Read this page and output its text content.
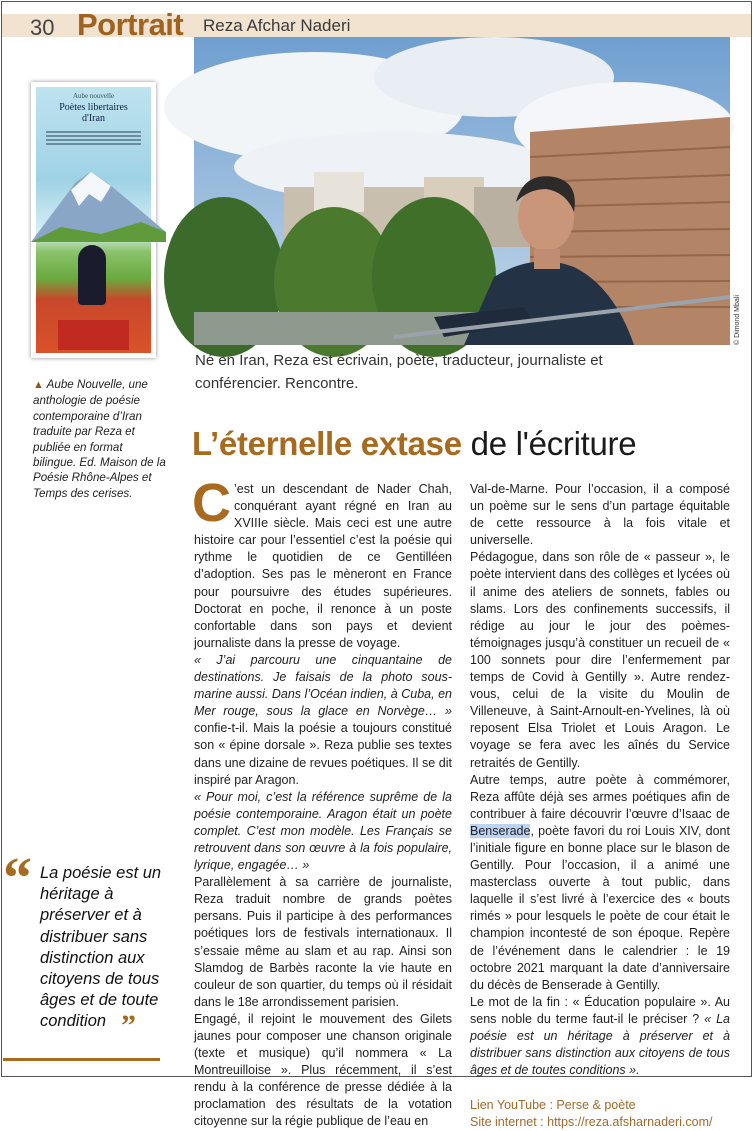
30 Portrait Reza Afchar Naderi
Aube nouvelle
Poètes libertaires
d'Iran
▲ Aube Nouvelle, une anthologie de poésie contemporaine d’Iran traduite par Reza et publiée en format bilingue. Ed. Maison de la Poésie Rhône-Alpes et Temps des cerises.
© Dimond Mbali
Né en Iran, Reza est écrivain, poète, traducteur, journaliste et conférencier. Rencontre.
L’éternelle extase de l'écriture

C ’est un descendant de Nader Chah, conquérant ayant régné en Iran au XVIIIe siècle. Mais ceci est une autre histoire car pour l’essentiel c’est la poésie qui rythme le quotidien de ce Gentilléen d’adoption. Ses pas le mèneront en France pour poursuivre des études supérieures. Doctorat en poche, il renonce à un poste confortable dans son pays et devient journaliste dans la presse de voyage.

« J’ai parcouru une cinquantaine de destinations. Je faisais de la photo sous-marine aussi. Dans l’Océan indien, à Cuba, en Mer rouge, sous la glace en Norvège… » confie-t-il. Mais la poésie a toujours constitué son « épine dorsale ». Reza publie ses textes dans une dizaine de revues poétiques. Il se dit inspiré par Aragon.

« Pour moi, c’est la référence suprême de la poésie contemporaine. Aragon était un poète complet. C’est mon modèle. Les Français se retrouvent dans son œuvre à la fois populaire, lyrique, engagée… »

Parallèlement à sa carrière de journaliste, Reza traduit nombre de grands poètes persans. Puis il participe à des performances poétiques lors de festivals internationaux. Il s’essaie même au slam et au rap. Ainsi son Slamdog de Barbès raconte la vie haute en couleur de son quartier, du temps où il résidait dans le 18e arrondissement parisien.

Engagé, il rejoint le mouvement des Gilets jaunes pour composer une chanson originale (texte et musique) qu’il nommera « La Montreuilloise ». Plus récemment, il s’est rendu à la conférence de presse dédiée à la proclamation des résultats de la votation citoyenne sur la régie publique de l’eau en

Val-de-Marne. Pour l’occasion, il a composé un poème sur le sens d’un partage équitable de cette ressource à la fois vitale et universelle.

Pédagogue, dans son rôle de « passeur », le poète intervient dans des collèges et lycées où il anime des ateliers de sonnets, fables ou slams. Lors des confinements successifs, il rédige au jour le jour des poèmes-témoignages jusqu’à constituer un recueil de « 100 sonnets pour dire l’enfermement par temps de Covid à Gentilly ». Autre rendez-vous, celui de la visite du Moulin de Villeneuve, à Saint-Arnoult-en-Yvelines, là où reposent Elsa Triolet et Louis Aragon. Le voyage se fera avec les aînés du Service retraités de Gentilly.

Autre temps, autre poète à commémorer, Reza affûte déjà ses armes poétiques afin de contribuer à faire découvrir l’œuvre d’Isaac de Benserade, poète favori du roi Louis XIV, dont l’initiale figure en bonne place sur le blason de Gentilly. Pour l’occasion, il a animé une masterclass ouverte à tout public, dans laquelle il s’est livré à l’exercice des « bouts rimés » pour lesquels le poète de cour était le champion incontesté de son époque. Repère de l’événement dans le calendrier : le 19 octobre 2021 marquant la date d’anniversaire du décès de Benserade à Gentilly.

Le mot de la fin : « Éducation populaire ». Au sens noble du terme faut-il le préciser ? « La poésie est un héritage à préserver et à distribuer sans distinction aux citoyens de tous âges et de toutes conditions ».

Lien YouTube : Perse & poète
Site internet : https://reza.afsharnaderi.com/
“ La poésie est un héritage à préserver et à distribuer sans distinction aux citoyens de tous âges et de toute condition ”
